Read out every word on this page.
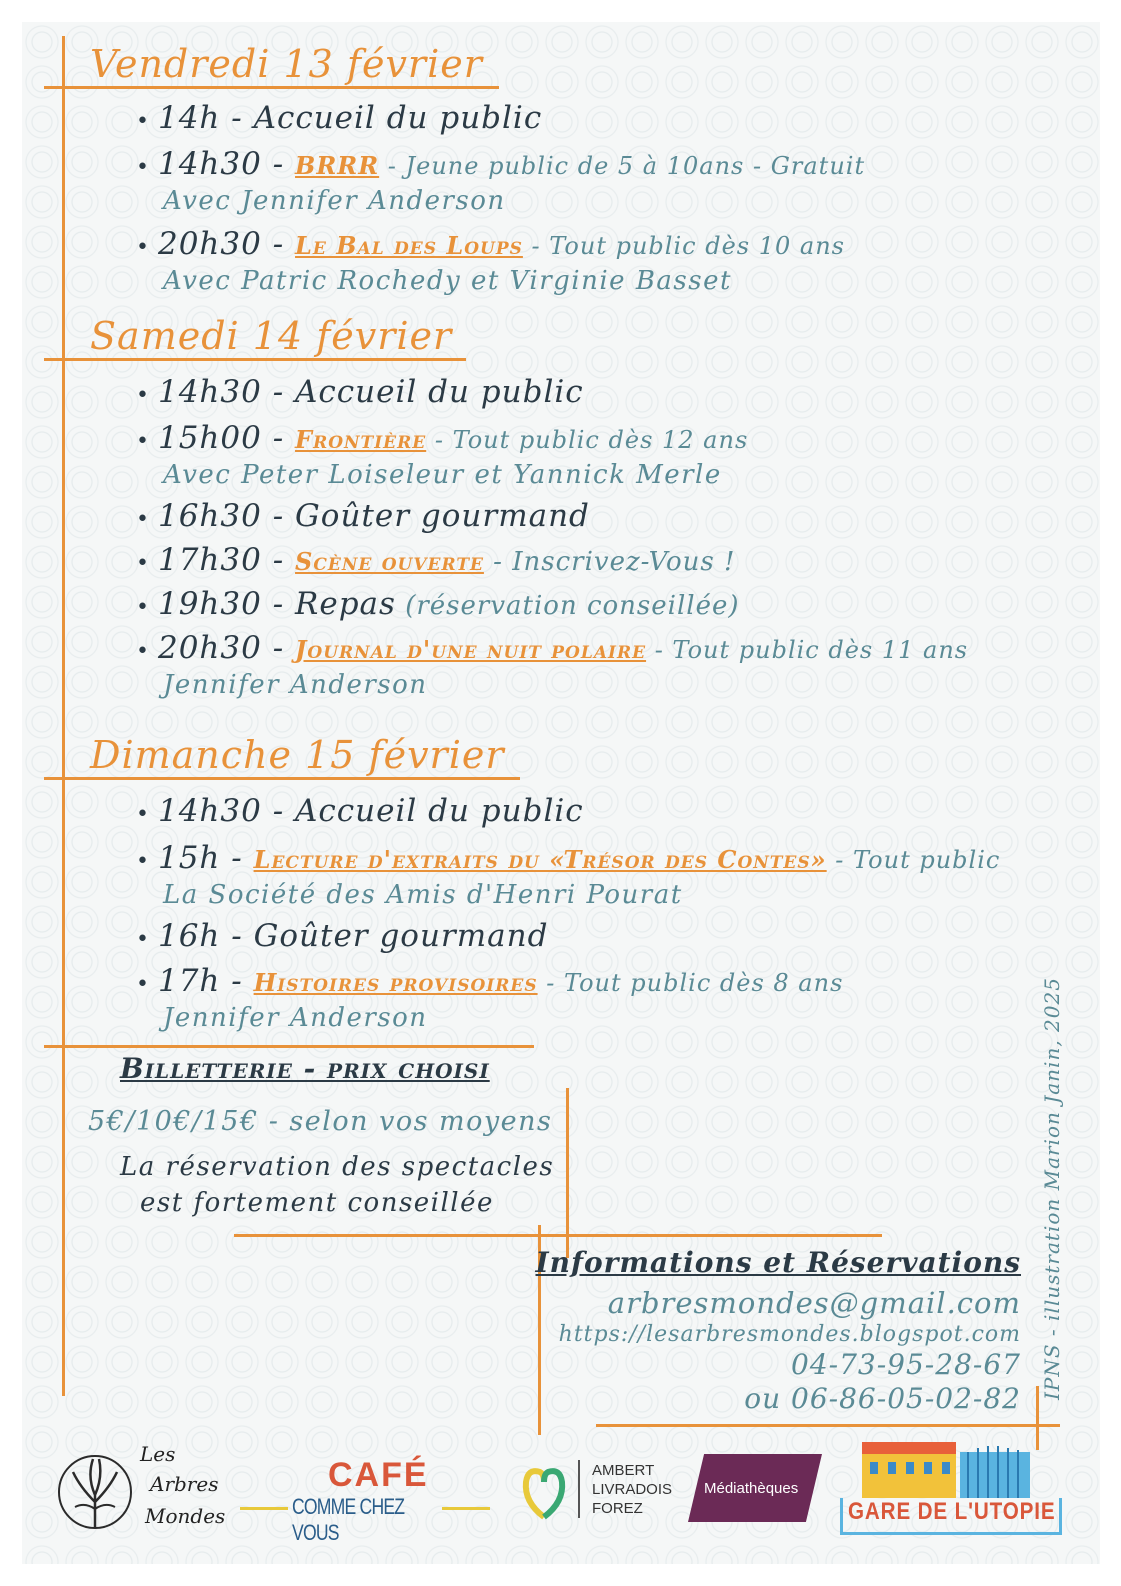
Vendredi 13 février
• 14h - Accueil du public
• 14h30 - BRRR - Jeune public de 5 à 10ans - Gratuit
Avec Jennifer Anderson
• 20h30 - Le Bal des Loups - Tout public dès 10 ans
Avec Patric Rochedy et Virginie Basset
Samedi 14 février
• 14h30 - Accueil du public
• 15h00 - Frontière - Tout public dès 12 ans
Avec Peter Loiseleur et Yannick Merle
• 16h30 - Goûter gourmand
• 17h30 - Scène ouverte - Inscrivez-Vous !
• 19h30 - Repas (réservation conseillée)
• 20h30 - Journal d'une nuit polaire - Tout public dès 11 ans
Jennifer Anderson
Dimanche 15 février
• 14h30 - Accueil du public
• 15h - Lecture d'extraits du «Trésor des Contes» - Tout public
La Société des Amis d'Henri Pourat
• 16h - Goûter gourmand
• 17h - Histoires provisoires - Tout public dès 8 ans
Jennifer Anderson
Billetterie - prix choisi
5€/10€/15€ - selon vos moyens
La réservation des spectacles
est fortement conseillée
Informations et Réservations
arbresmondes@gmail.com
https://lesarbresmondes.blogspot.com
04-73-95-28-67
ou 06-86-05-02-82 IPNS - illustration Marion Janin, 2025
Les
Arbres
Mondes
CAFÉ
COMME CHEZ VOUS
AMBERT
LIVRADOIS
FOREZ
Médiathèques
GARE DE L'UTOPIE
